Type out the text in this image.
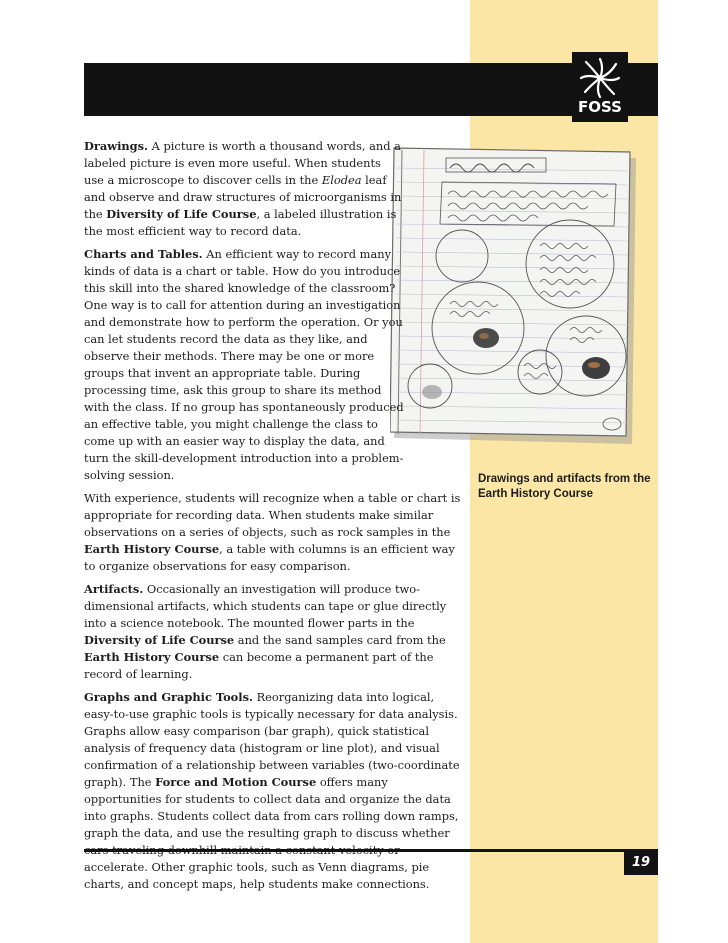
FOSS

Drawings. A picture is worth a thousand words, and a labeled picture is even more useful. When students use a microscope to discover cells in the Elodea leaf and observe and draw structures of microorganisms in the Diversity of Life Course, a labeled illustration is the most efficient way to record data.

Charts and Tables. An efficient way to record many kinds of data is a chart or table. How do you introduce this skill into the shared knowledge of the classroom? One way is to call for attention during an investigation and demonstrate how to perform the operation. Or you can let students record the data as they like, and observe their methods. There may be one or more groups that invent an appropriate table. During processing time, ask this group to share its method with the class. If no group has spontaneously produced an effective table, you might challenge the class to come up with an easier way to display the data, and turn the skill-development introduction into a problem-solving session.

With experience, students will recognize when a table or chart is appropriate for recording data. When students make similar observations on a series of objects, such as rock samples in the Earth History Course, a table with columns is an efficient way to organize observations for easy comparison.

Artifacts. Occasionally an investigation will produce two-dimensional artifacts, which students can tape or glue directly into a science notebook. The mounted flower parts in the Diversity of Life Course and the sand samples card from the Earth History Course can become a permanent part of the record of learning.

Graphs and Graphic Tools. Reorganizing data into logical, easy-to-use graphic tools is typically necessary for data analysis. Graphs allow easy comparison (bar graph), quick statistical analysis of frequency data (histogram or line plot), and visual confirmation of a relationship between variables (two-coordinate graph). The Force and Motion Course offers many opportunities for students to collect data and organize the data into graphs. Students collect data from cars rolling down ramps, graph the data, and use the resulting graph to discuss whether accelerate. Other graphic tools, such as Venn diagrams, pie charts, and concept maps, help students make connections.

Drawings and artifacts from the Earth History Course
19
